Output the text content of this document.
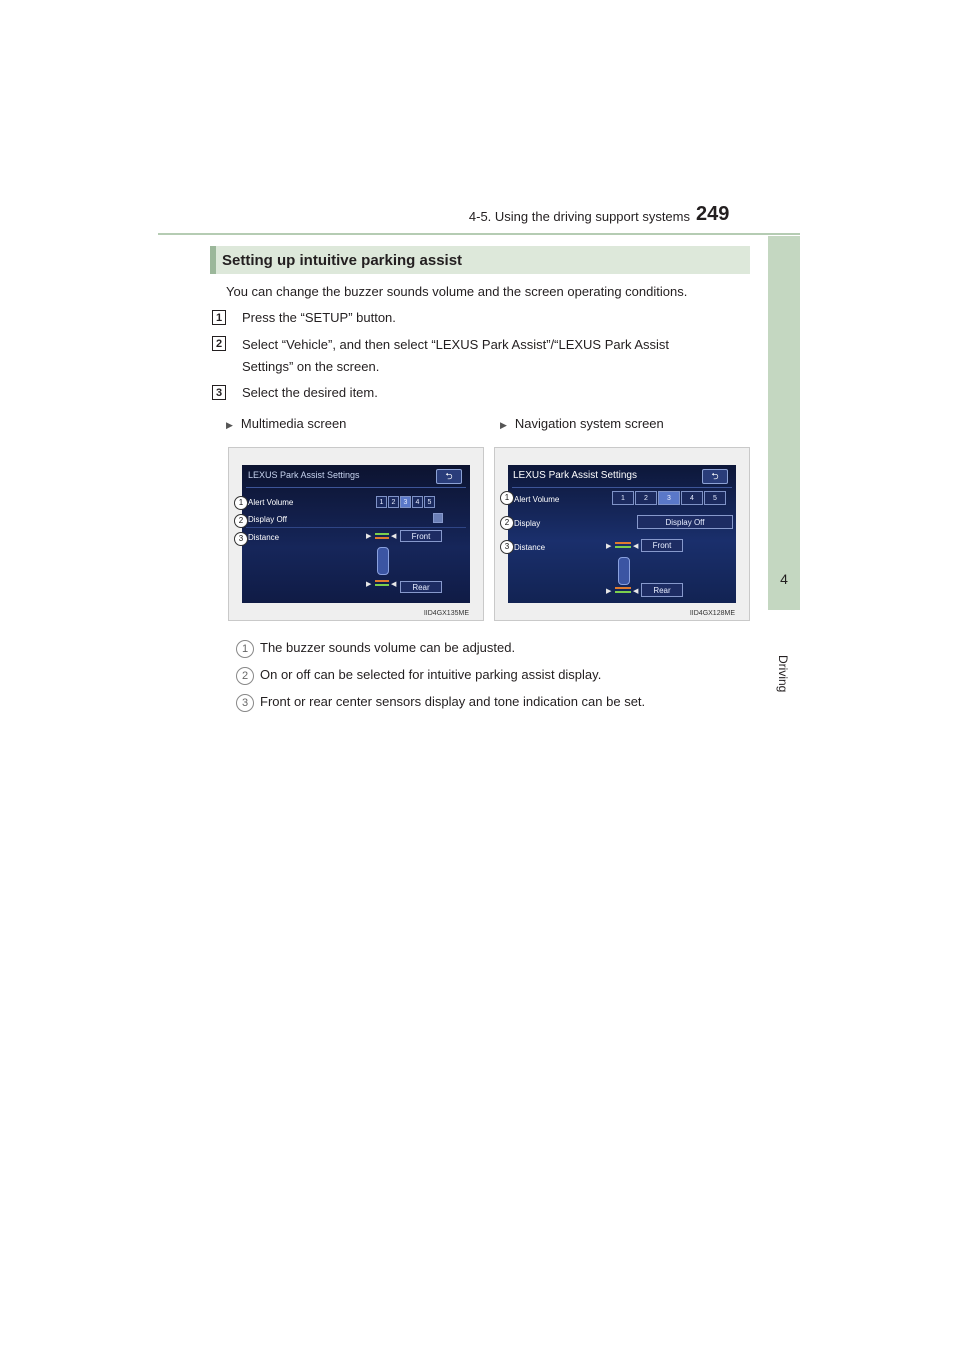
4-5. Using the driving support systems 249
4
Driving
Setting up intuitive parking assist
You can change the buzzer sounds volume and the screen operating conditions.
1	Press the “SETUP” button.
2	Select “Vehicle”, and then select “LEXUS Park Assist”/“LEXUS Park Assist
Settings” on the screen.
3	Select the desired item.
▶ Multimedia screen	▶ Navigation system screen
LEXUS Park Assist Settings	⮌
Alert Volume	1	2	3	4	5
Display Off
Distance	▶	◀	Front
▶	◀	Rear
1
2
3
IID4GX135ME
LEXUS Park Assist Settings	⮌
Alert Volume	1	2	3	4	5
Display	Display Off
Distance	▶	◀	Front
▶	◀	Rear
1
2
3
IID4GX128ME
1 The buzzer sounds volume can be adjusted.
2 On or off can be selected for intuitive parking assist display.
3 Front or rear center sensors display and tone indication can be set.
